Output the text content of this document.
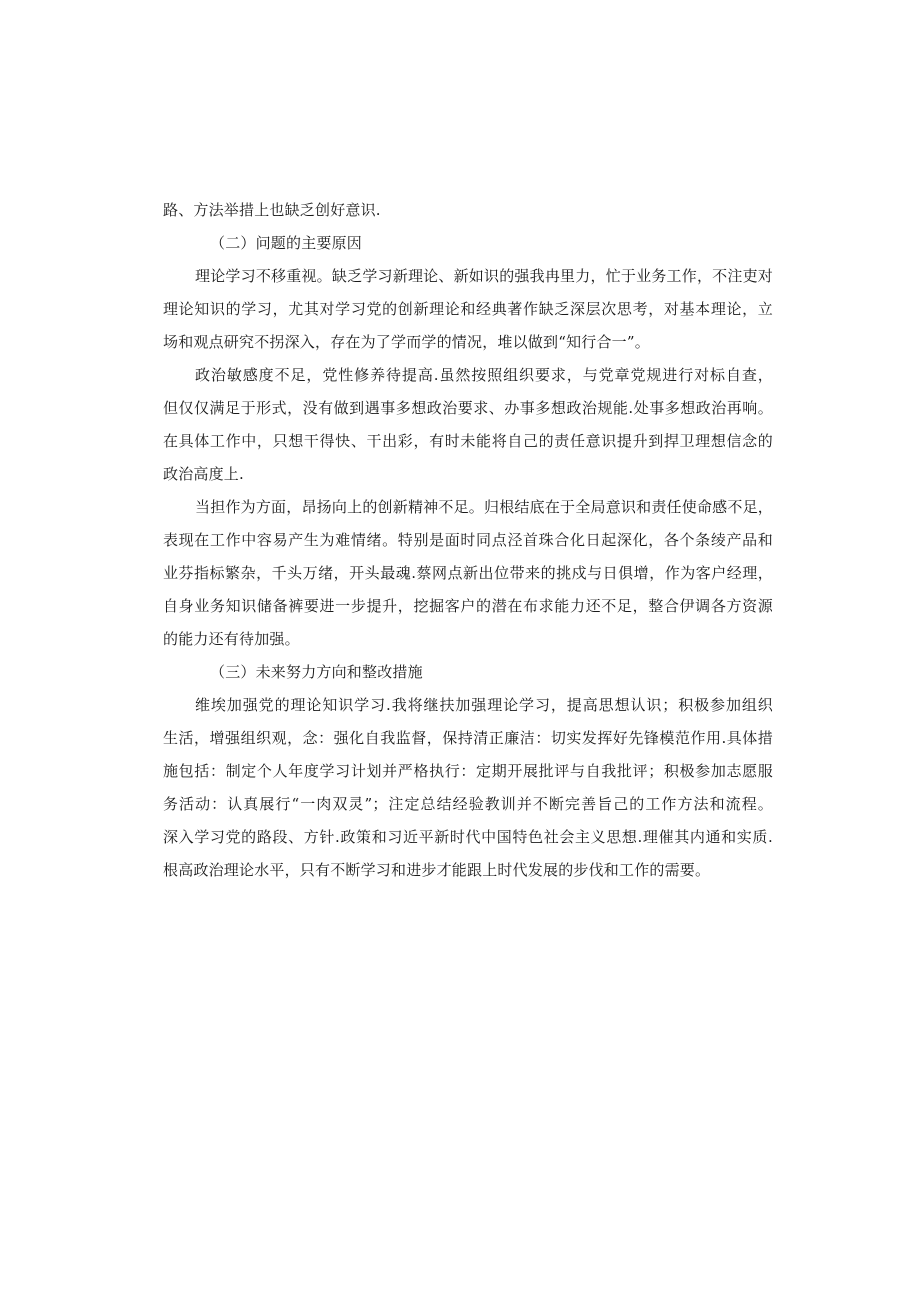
路、方法举措上也缺乏创好意识.
（二）问题的主要原因
理论学习不移重视。缺乏学习新理论、新如识的强我冉里力，忙于业务工作，不注吏对
理论知识的学习，尤其对学习党的创新理论和经典著作缺乏深层次思考，对基本理论，立
场和观点研究不拐深入，存在为了学而学的情况，堆以做到“知行合一”。
政治敏感度不足，党性修养待提高.虽然按照组织要求，与党章党规进行对标自查，
但仅仅满足于形式，没有做到遇事多想政治要求、办事多想政治规能.处事多想政治再响。
在具体工作中，只想干得快、干出彩，有时未能将自己的责任意识提升到捍卫理想信念的
政治高度上.
当担作为方面，昂扬向上的创新精神不足。归根结底在于全局意识和责任使命感不足，
表现在工作中容易产生为难情绪。特别是面时同点泾首珠合化日起深化，各个条绫产品和
业芬指标繁杂，千头万绪，开头最魂.蔡网点新出位带来的挑戍与日俱增，作为客户经理，
自身业务知识储备裤要进一步提升，挖掘客户的潜在布求能力还不足，整合伊调各方资源
的能力还有待加强。
（三）未来努力方向和整改措施
维埃加强党的理论知识学习.我将继扶加强理论学习，提高思想认识；积极参加组织
生活，增强组织观，念：强化自我监督，保持清正廉洁：切实发挥好先锋模范作用.具体措
施包括：制定个人年度学习计划并严格执行：定期开展批评与自我批评；积极参加志愿服
务活动：认真展行“一肉双灵”；注定总结经验教训并不断完善旨己的工作方法和流程。
深入学习党的路段、方针.政策和习近平新时代中国特色社会主义思想.理催其内通和实质.
根高政治理论水平，只有不断学习和进步才能跟上时代发展的步伐和工作的需要。
